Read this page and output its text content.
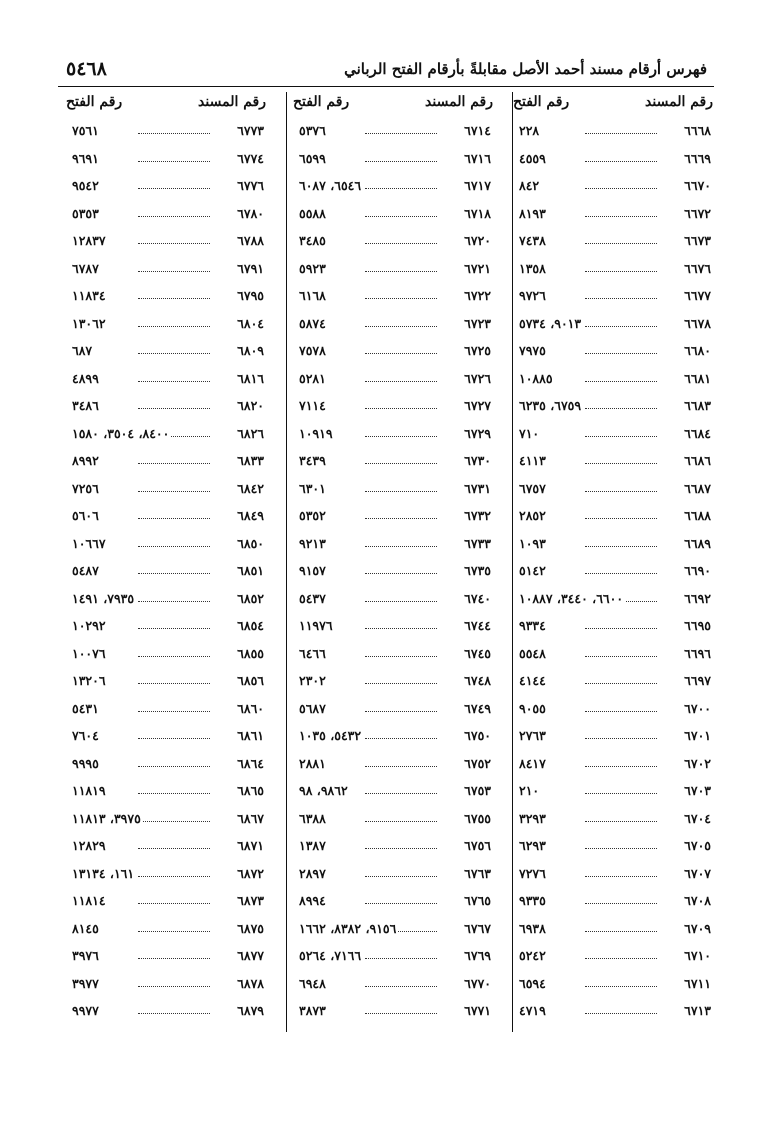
فهرس أرقام مسند أحمد الأصل مقابلةً بأرقام الفتح الرباني
٥٤٦٨
رقم المسند
رقم الفتح
٦٦٦٨
٢٢٨
٦٦٦٩
٤٥٥٩
٦٦٧٠
٨٤٢
٦٦٧٢
٨١٩٣
٦٦٧٣
٧٤٣٨
٦٦٧٦
١٣٥٨
٦٦٧٧
٩٧٢٦
٦٦٧٨
٩٠١٣، ٥٧٣٤
٦٦٨٠
٧٩٧٥
٦٦٨١
١٠٨٨٥
٦٦٨٣
٦٧٥٩، ٦٢٣٥
٦٦٨٤
٧١٠
٦٦٨٦
٤١١٣
٦٦٨٧
٦٧٥٧
٦٦٨٨
٢٨٥٢
٦٦٨٩
١٠٩٣
٦٦٩٠
٥١٤٢
٦٦٩٢
٦٦٠٠، ٣٤٤٠، ١٠٨٨٧
٦٦٩٥
٩٣٣٤
٦٦٩٦
٥٥٤٨
٦٦٩٧
٤١٤٤
٦٧٠٠
٩٠٥٥
٦٧٠١
٢٧٦٣
٦٧٠٢
٨٤١٧
٦٧٠٣
٢١٠
٦٧٠٤
٣٢٩٣
٦٧٠٥
٦٢٩٣
٦٧٠٧
٧٢٧٦
٦٧٠٨
٩٣٣٥
٦٧٠٩
٦٩٣٨
٦٧١٠
٥٢٤٢
٦٧١١
٦٥٩٤
٦٧١٣
٤٧١٩
رقم المسند
رقم الفتح
٦٧١٤
٥٣٧٦
٦٧١٦
٦٥٩٩
٦٧١٧
٦٥٤٦، ٦٠٨٧
٦٧١٨
٥٥٨٨
٦٧٢٠
٣٤٨٥
٦٧٢١
٥٩٢٣
٦٧٢٢
٦١٦٨
٦٧٢٣
٥٨٧٤
٦٧٢٥
٧٥٧٨
٦٧٢٦
٥٢٨١
٦٧٢٧
٧١١٤
٦٧٢٩
١٠٩١٩
٦٧٣٠
٣٤٣٩
٦٧٣١
٦٣٠١
٦٧٣٢
٥٣٥٢
٦٧٣٣
٩٢١٣
٦٧٣٥
٩١٥٧
٦٧٤٠
٥٤٣٧
٦٧٤٤
١١٩٧٦
٦٧٤٥
٦٤٦٦
٦٧٤٨
٢٣٠٢
٦٧٤٩
٥٦٨٧
٦٧٥٠
٥٤٣٢، ١٠٣٥
٦٧٥٢
٢٨٨١
٦٧٥٣
٩٨٦٢، ٩٨
٦٧٥٥
٦٣٨٨
٦٧٥٦
١٣٨٧
٦٧٦٣
٢٨٩٧
٦٧٦٥
٨٩٩٤
٦٧٦٧
٩١٥٦، ٨٣٨٢، ١٦٦٢
٦٧٦٩
٧١٦٦، ٥٢٦٤
٦٧٧٠
٦٩٤٨
٦٧٧١
٣٨٧٣
رقم المسند
رقم الفتح
٦٧٧٣
٧٥٦١
٦٧٧٤
٩٦٩١
٦٧٧٦
٩٥٤٢
٦٧٨٠
٥٣٥٣
٦٧٨٨
١٢٨٣٧
٦٧٩١
٦٧٨٧
٦٧٩٥
١١٨٣٤
٦٨٠٤
١٣٠٦٢
٦٨٠٩
٦٨٧
٦٨١٦
٤٨٩٩
٦٨٢٠
٣٤٨٦
٦٨٢٦
٨٤٠٠، ٣٥٠٤، ١٥٨٠
٦٨٣٣
٨٩٩٢
٦٨٤٢
٧٢٥٦
٦٨٤٩
٥٦٠٦
٦٨٥٠
١٠٦٦٧
٦٨٥١
٥٤٨٧
٦٨٥٢
٧٩٣٥، ١٤٩١
٦٨٥٤
١٠٢٩٢
٦٨٥٥
١٠٠٧٦
٦٨٥٦
١٣٢٠٦
٦٨٦٠
٥٤٣١
٦٨٦١
٧٦٠٤
٦٨٦٤
٩٩٩٥
٦٨٦٥
١١٨١٩
٦٨٦٧
٣٩٧٥، ١١٨١٣
٦٨٧١
١٢٨٢٩
٦٨٧٢
١٦١، ١٣١٣٤
٦٨٧٣
١١٨١٤
٦٨٧٥
٨١٤٥
٦٨٧٧
٣٩٧٦
٦٨٧٨
٣٩٧٧
٦٨٧٩
٩٩٧٧
